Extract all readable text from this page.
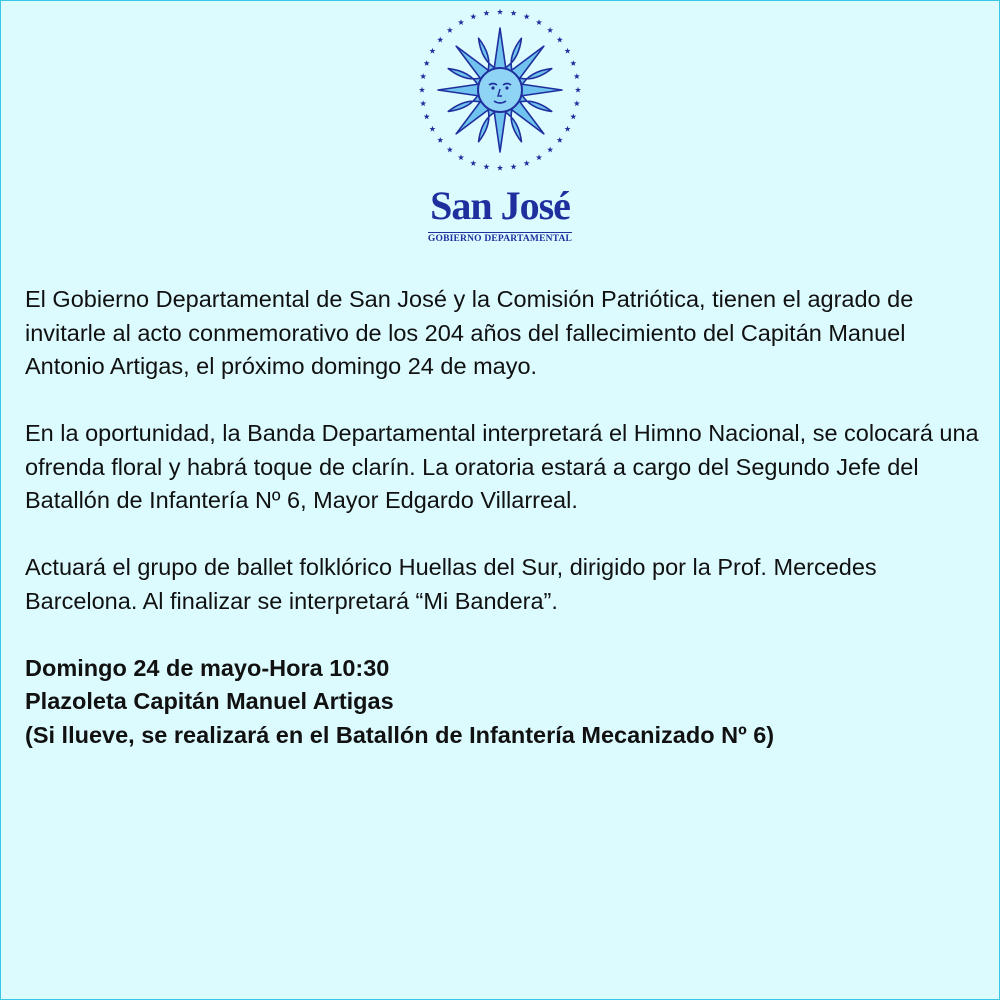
San José
GOBIERNO DEPARTAMENTAL

El Gobierno Departamental de San José y la Comisión Patriótica, tienen el agrado de invitarle al acto conmemorativo de los 204 años del fallecimiento del Capitán Manuel Antonio Artigas, el próximo domingo 24 de mayo.

En la oportunidad, la Banda Departamental interpretará el Himno Nacional, se colocará una ofrenda floral y habrá toque de clarín. La oratoria estará a cargo del Segundo Jefe del Batallón de Infantería Nº 6, Mayor Edgardo Villarreal.

Actuará el grupo de ballet folklórico Huellas del Sur, dirigido por la Prof. Mercedes Barcelona. Al finalizar se interpretará “Mi Bandera”.

Domingo 24 de mayo-Hora 10:30
Plazoleta Capitán Manuel Artigas
(Si llueve, se realizará en el Batallón de Infantería Mecanizado Nº 6)
